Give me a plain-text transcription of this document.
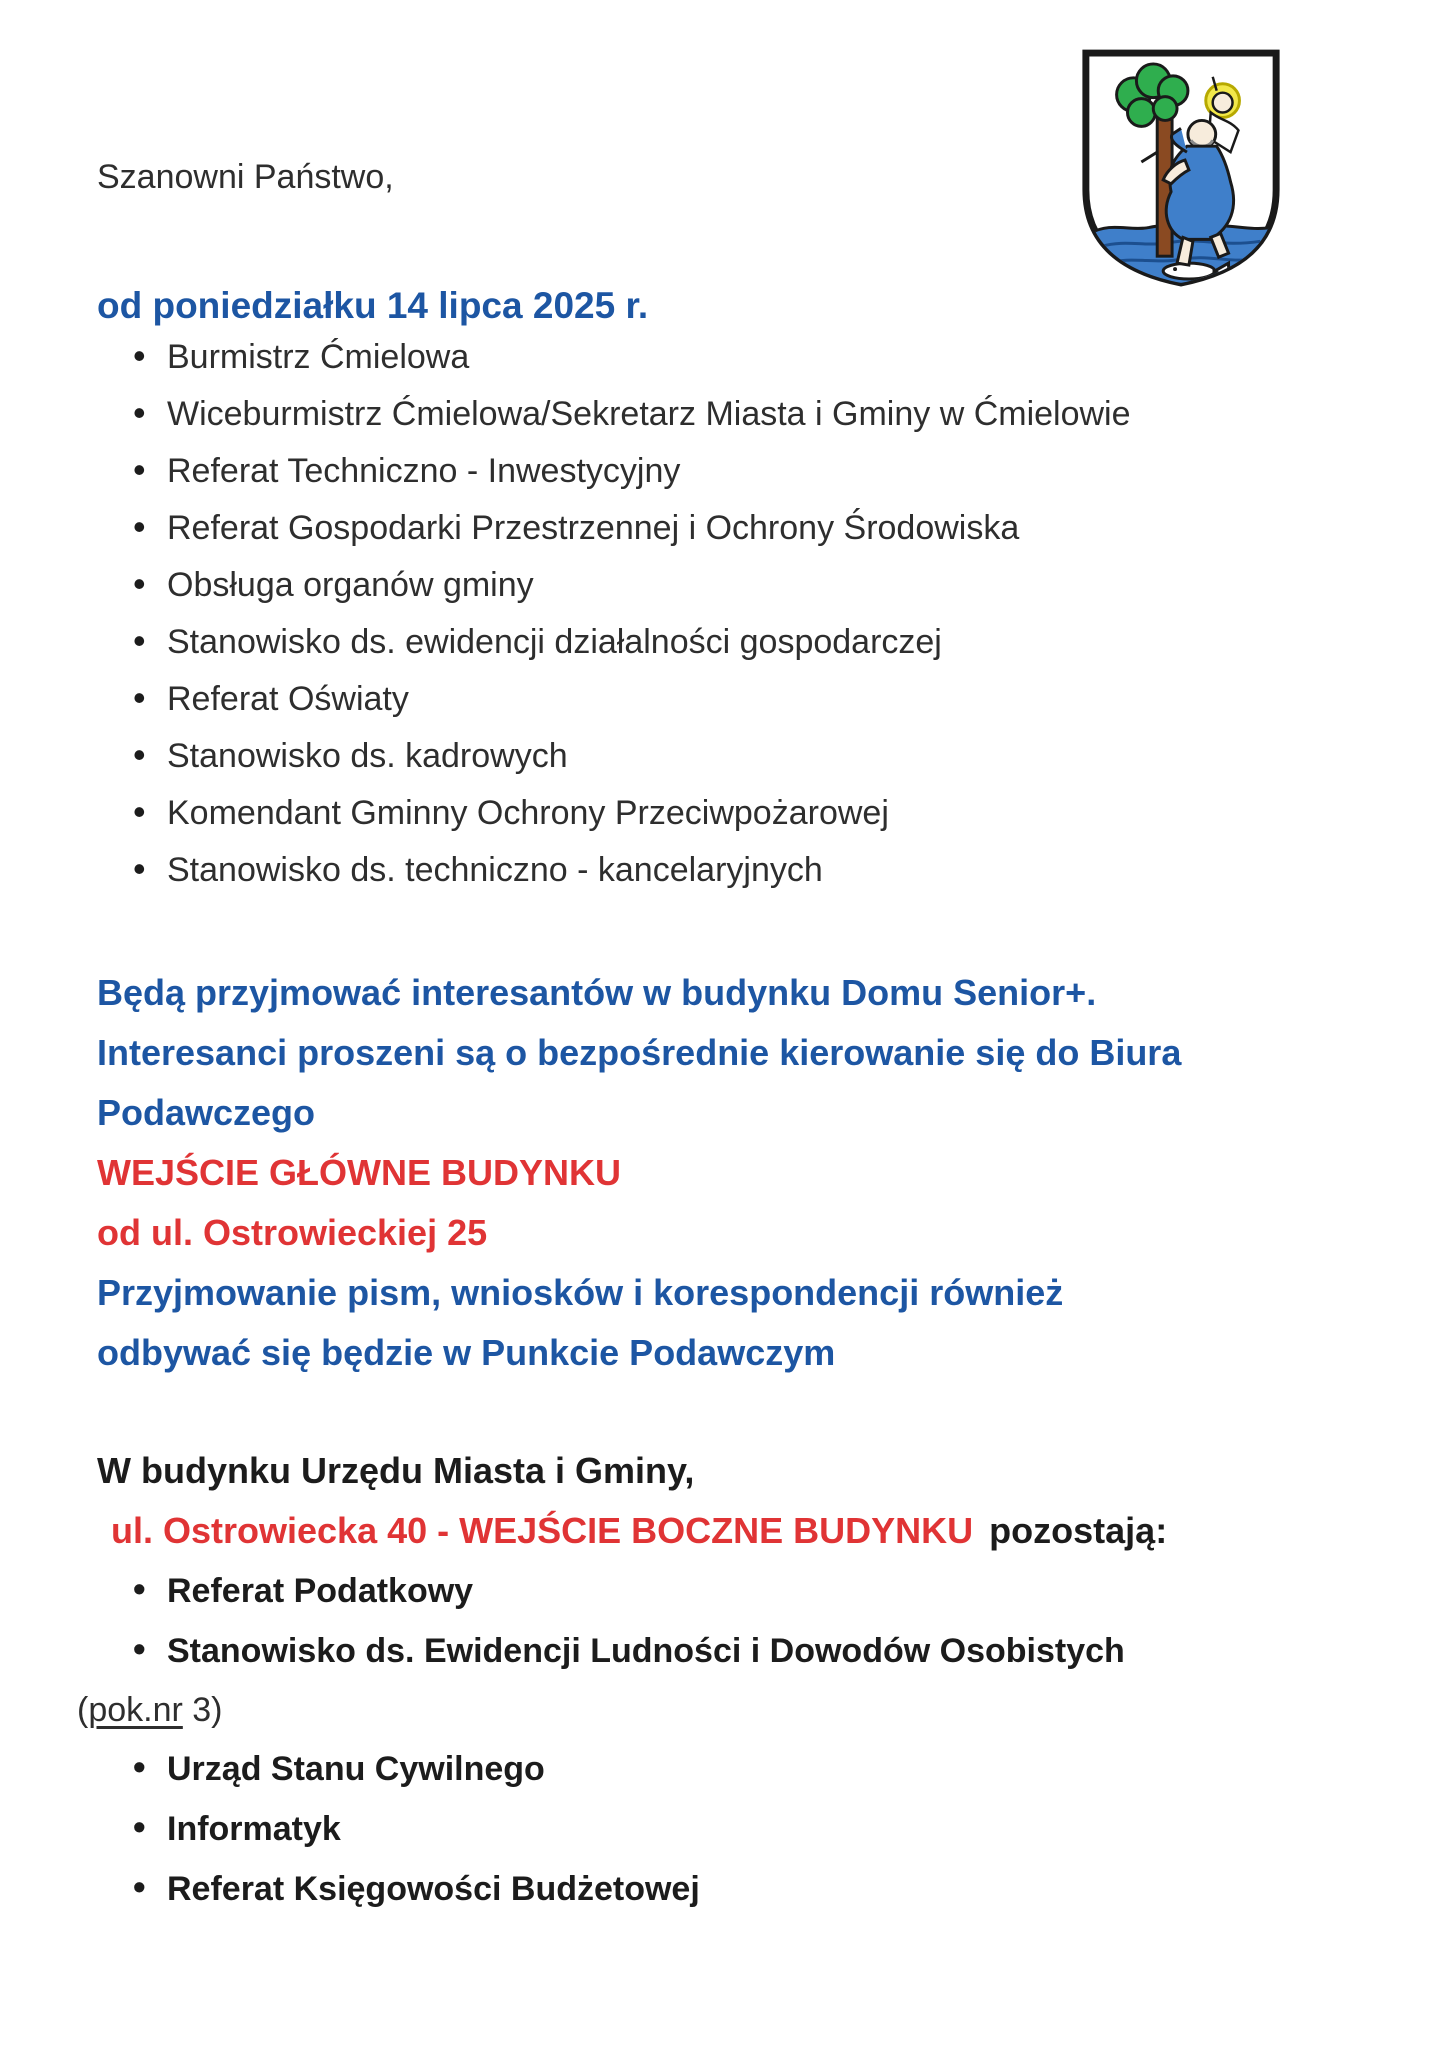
Szanowni Państwo,
od poniedziałku 14 lipca 2025 r.
• Burmistrz Ćmielowa
• Wiceburmistrz Ćmielowa/Sekretarz Miasta i Gminy w Ćmielowie
• Referat Techniczno - Inwestycyjny
• Referat Gospodarki Przestrzennej i Ochrony Środowiska
• Obsługa organów gminy
• Stanowisko ds. ewidencji działalności gospodarczej
• Referat Oświaty
• Stanowisko ds. kadrowych
• Komendant Gminny Ochrony Przeciwpożarowej
• Stanowisko ds. techniczno - kancelaryjnych
Będą przyjmować interesantów w budynku Domu Senior+.
Interesanci proszeni są o bezpośrednie kierowanie się do Biura
Podawczego
WEJŚCIE GŁÓWNE BUDYNKU
od ul. Ostrowieckiej 25
Przyjmowanie pism, wniosków i korespondencji również
odbywać się będzie w Punkcie Podawczym
W budynku Urzędu Miasta i Gminy,
ul. Ostrowiecka 40 - WEJŚCIE BOCZNE BUDYNKU pozostają:
• Referat Podatkowy
• Stanowisko ds. Ewidencji Ludności i Dowodów Osobistych
(pok.nr 3)
• Urząd Stanu Cywilnego
• Informatyk
• Referat Księgowości Budżetowej
